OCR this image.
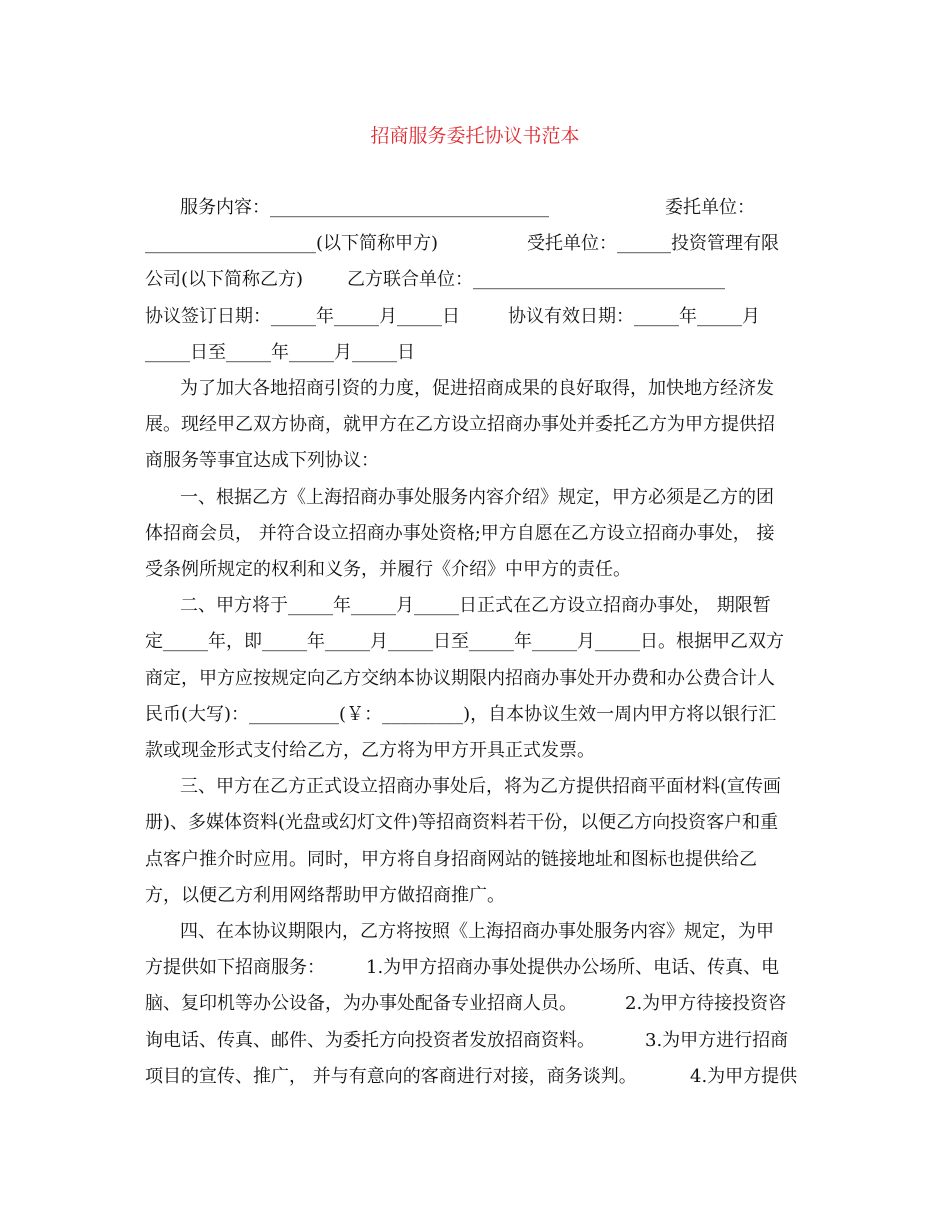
招商服务委托协议书范本
服务内容：_______________________________	委托单位：
___________________(以下简称甲方)	受托单位：______投资管理有限
公司(以下简称乙方) 乙方联合单位：____________________________
协议签订日期：_____年_____月_____日	协议有效日期：_____年_____月
_____日至_____年_____月_____日
为了加大各地招商引资的力度，促进招商成果的良好取得，加快地方经济发
展。现经甲乙双方协商，就甲方在乙方设立招商办事处并委托乙方为甲方提供招
商服务等事宜达成下列协议：
一、根据乙方《上海招商办事处服务内容介绍》规定，甲方必须是乙方的团
体招商会员， 并符合设立招商办事处资格;甲方自愿在乙方设立招商办事处， 接
受条例所规定的权利和义务，并履行《介绍》中甲方的责任。
二、甲方将于_____年_____月_____日正式在乙方设立招商办事处， 期限暂
定_____年，即_____年_____月_____日至_____年_____月_____日。根据甲乙双方
商定，甲方应按规定向乙方交纳本协议期限内招商办事处开办费和办公费合计人
民币(大写)：__________(￥：_________)，自本协议生效一周内甲方将以银行汇
款或现金形式支付给乙方，乙方将为甲方开具正式发票。
三、甲方在乙方正式设立招商办事处后，将为乙方提供招商平面材料(宣传画
册)、多媒体资料(光盘或幻灯文件)等招商资料若干份，以便乙方向投资客户和重
点客户推介时应用。同时，甲方将自身招商网站的链接地址和图标也提供给乙
方，以便乙方利用网络帮助甲方做招商推广。
四、在本协议期限内，乙方将按照《上海招商办事处服务内容》规定，为甲
方提供如下招商服务： 1.为甲方招商办事处提供办公场所、电话、传真、电
脑、复印机等办公设备，为办事处配备专业招商人员。	2.为甲方待接投资咨
询电话、传真、邮件、为委托方向投资者发放招商资料。	3.为甲方进行招商
项目的宣传、推广， 并与有意向的客商进行对接，商务谈判。	4.为甲方提供
